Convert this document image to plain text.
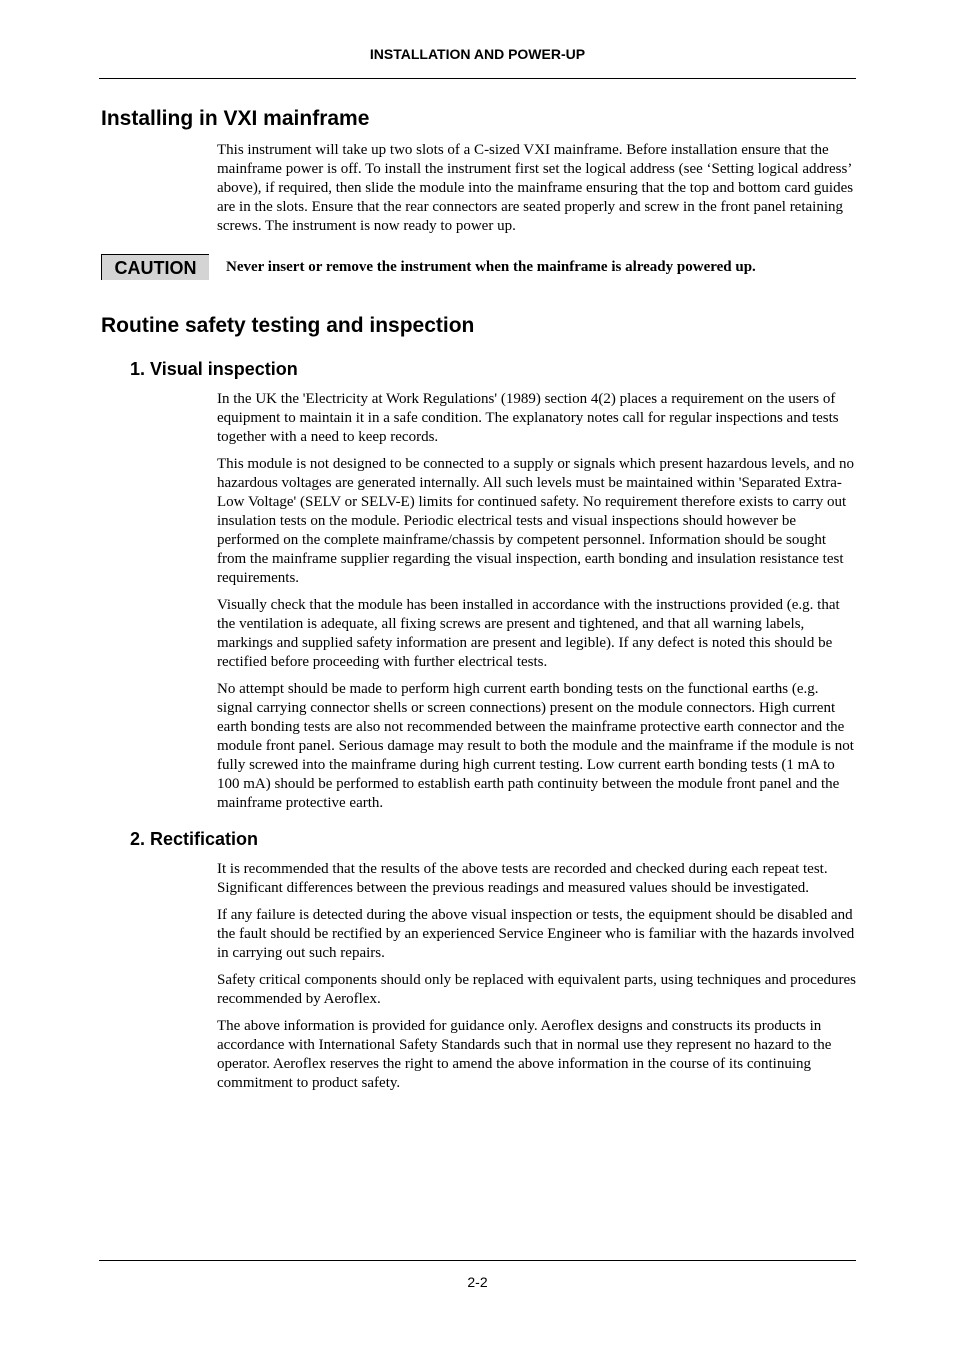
INSTALLATION AND POWER-UP
Installing in VXI mainframe

This instrument will take up two slots of a C-sized VXI mainframe. Before installation ensure that the mainframe power is off. To install the instrument first set the logical address (see ‘Setting logical address’ above), if required, then slide the module into the mainframe ensuring that the top and bottom card guides are in the slots. Ensure that the rear connectors are seated properly and screw in the front panel retaining screws. The instrument is now ready to power up.

CAUTION	Never insert or remove the instrument when the mainframe is already powered up.
Routine safety testing and inspection
1. Visual inspection

In the UK the 'Electricity at Work Regulations' (1989) section 4(2) places a requirement on the users of equipment to maintain it in a safe condition. The explanatory notes call for regular inspections and tests together with a need to keep records.

This module is not designed to be connected to a supply or signals which present hazardous levels, and no hazardous voltages are generated internally. All such levels must be maintained within 'Separated Extra-Low Voltage' (SELV or SELV-E) limits for continued safety. No requirement therefore exists to carry out insulation tests on the module. Periodic electrical tests and visual inspections should however be performed on the complete mainframe/chassis by competent personnel. Information should be sought from the mainframe supplier regarding the visual inspection, earth bonding and insulation resistance test requirements.

Visually check that the module has been installed in accordance with the instructions provided (e.g. that the ventilation is adequate, all fixing screws are present and tightened, and that all warning labels, markings and supplied safety information are present and legible). If any defect is noted this should be rectified before proceeding with further electrical tests.

No attempt should be made to perform high current earth bonding tests on the functional earths (e.g. signal carrying connector shells or screen connections) present on the module connectors. High current earth bonding tests are also not recommended between the mainframe protective earth connector and the module front panel. Serious damage may result to both the module and the mainframe if the module is not fully screwed into the mainframe during high current testing. Low current earth bonding tests (1 mA to 100 mA) should be performed to establish earth path continuity between the module front panel and the mainframe protective earth.

2. Rectification

It is recommended that the results of the above tests are recorded and checked during each repeat test. Significant differences between the previous readings and measured values should be investigated.

If any failure is detected during the above visual inspection or tests, the equipment should be disabled and the fault should be rectified by an experienced Service Engineer who is familiar with the hazards involved in carrying out such repairs.

Safety critical components should only be replaced with equivalent parts, using techniques and procedures recommended by Aeroflex.

The above information is provided for guidance only. Aeroflex designs and constructs its products in accordance with International Safety Standards such that in normal use they represent no hazard to the operator. Aeroflex reserves the right to amend the above information in the course of its continuing commitment to product safety.

2-2
